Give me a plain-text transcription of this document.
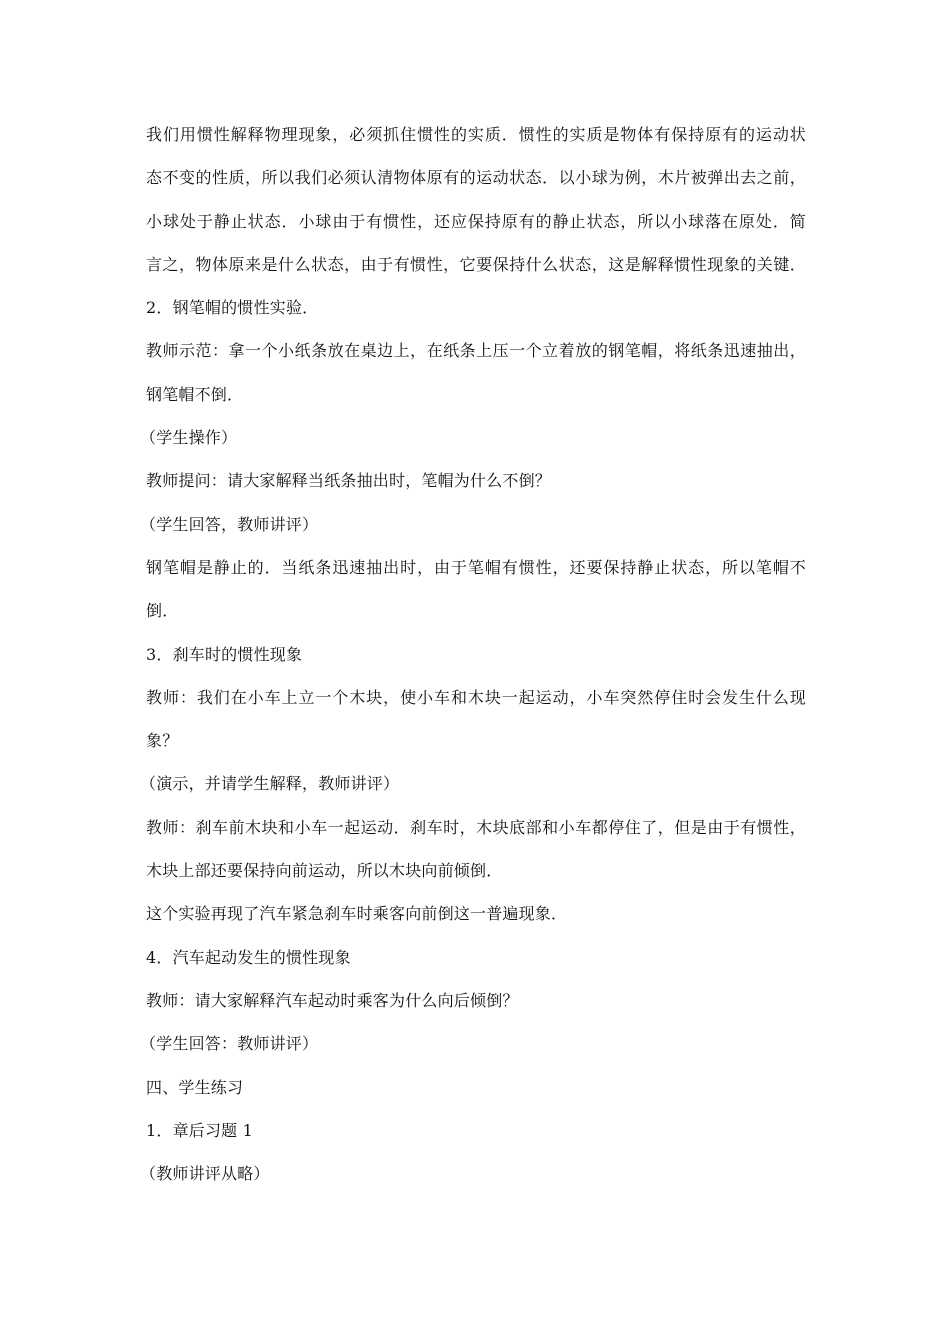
我们用惯性解释物理现象，必须抓住惯性的实质．惯性的实质是物体有保持原有的运动状
态不变的性质，所以我们必须认清物体原有的运动状态．以小球为例，木片被弹出去之前，
小球处于静止状态．小球由于有惯性，还应保持原有的静止状态，所以小球落在原处．简
言之，物体原来是什么状态，由于有惯性，它要保持什么状态，这是解释惯性现象的关键．
2．钢笔帽的惯性实验．
教师示范：拿一个小纸条放在桌边上，在纸条上压一个立着放的钢笔帽，将纸条迅速抽出，
钢笔帽不倒．
（学生操作）
教师提问：请大家解释当纸条抽出时，笔帽为什么不倒？
（学生回答，教师讲评）
钢笔帽是静止的．当纸条迅速抽出时，由于笔帽有惯性，还要保持静止状态，所以笔帽不
倒．
3．刹车时的惯性现象
教师：我们在小车上立一个木块，使小车和木块一起运动，小车突然停住时会发生什么现
象？
（演示，并请学生解释，教师讲评）
教师：刹车前木块和小车一起运动．刹车时，木块底部和小车都停住了，但是由于有惯性，
木块上部还要保持向前运动，所以木块向前倾倒．
这个实验再现了汽车紧急刹车时乘客向前倒这一普遍现象．
4．汽车起动发生的惯性现象
教师：请大家解释汽车起动时乘客为什么向后倾倒？
（学生回答：教师讲评）
四、学生练习
1．章后习题 1
（教师讲评从略）
